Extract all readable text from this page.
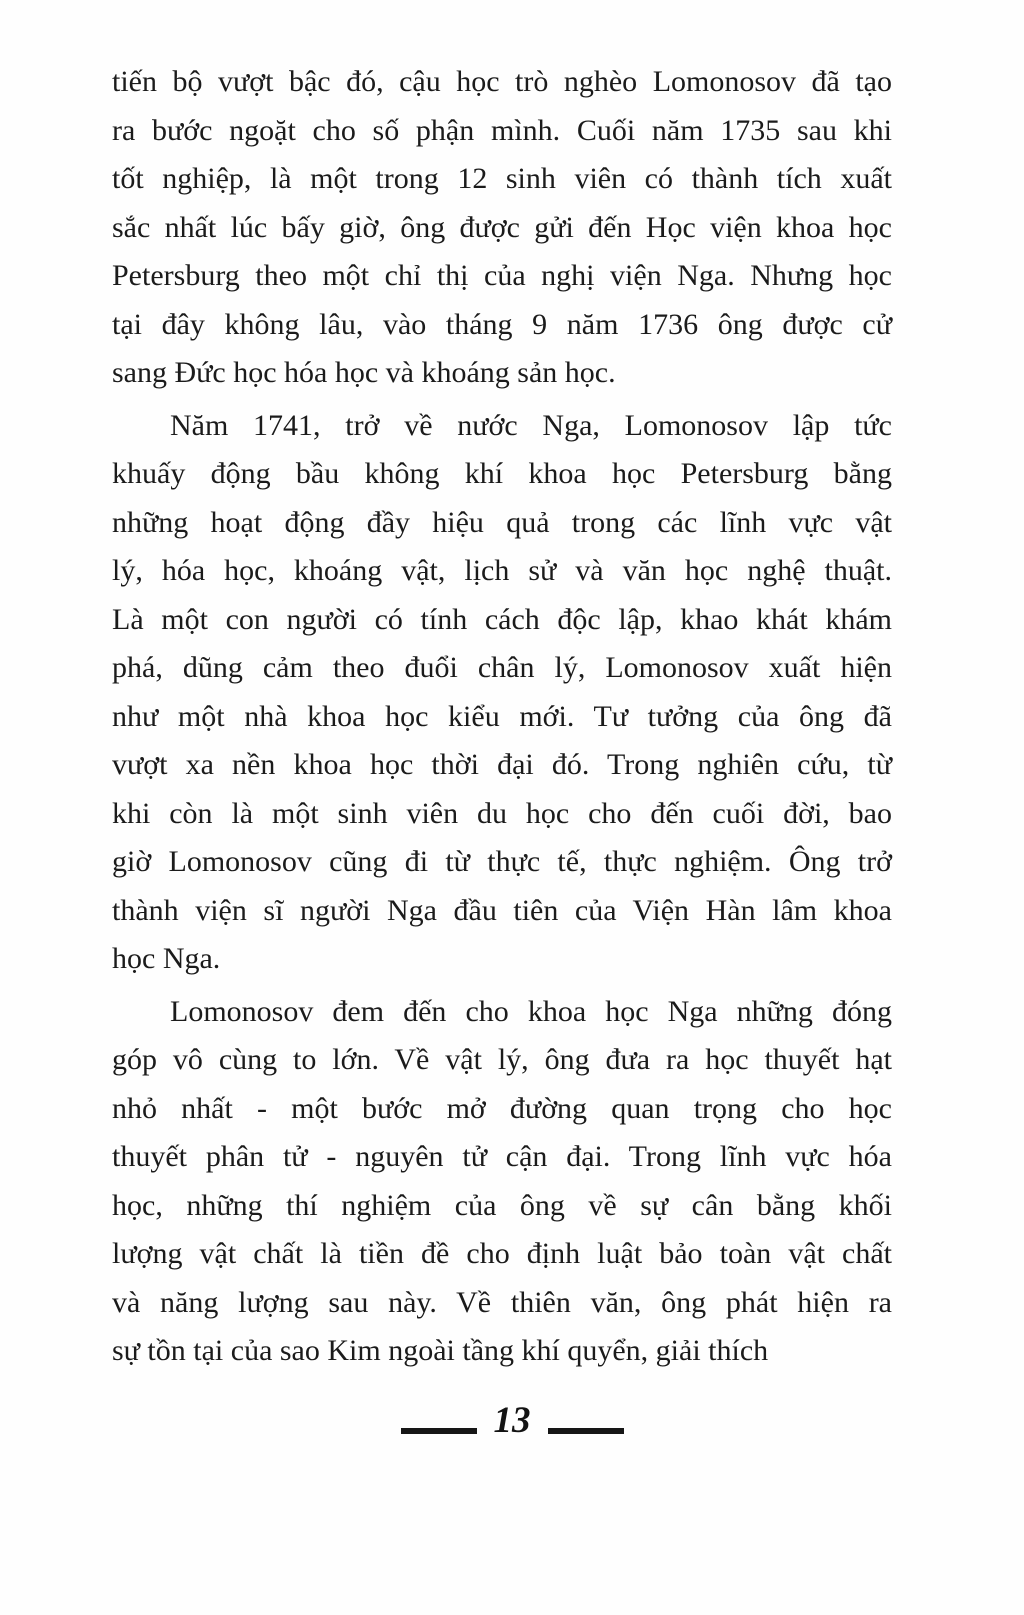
tiến bộ vượt bậc đó, cậu học trò nghèo Lomonosov đã tạo
ra bước ngoặt cho số phận mình. Cuối năm 1735 sau khi
tốt nghiệp, là một trong 12 sinh viên có thành tích xuất
sắc nhất lúc bấy giờ, ông được gửi đến Học viện khoa học
Petersburg theo một chỉ thị của nghị viện Nga. Nhưng học
tại đây không lâu, vào tháng 9 năm 1736 ông được cử
sang Đức học hóa học và khoáng sản học.

Năm 1741, trở về nước Nga, Lomonosov lập tức
khuấy động bầu không khí khoa học Petersburg bằng
những hoạt động đầy hiệu quả trong các lĩnh vực vật
lý, hóa học, khoáng vật, lịch sử và văn học nghệ thuật.
Là một con người có tính cách độc lập, khao khát khám
phá, dũng cảm theo đuổi chân lý, Lomonosov xuất hiện
như một nhà khoa học kiểu mới. Tư tưởng của ông đã
vượt xa nền khoa học thời đại đó. Trong nghiên cứu, từ
khi còn là một sinh viên du học cho đến cuối đời, bao
giờ Lomonosov cũng đi từ thực tế, thực nghiệm. Ông trở
thành viện sĩ người Nga đầu tiên của Viện Hàn lâm khoa
học Nga.

Lomonosov đem đến cho khoa học Nga những đóng
góp vô cùng to lớn. Về vật lý, ông đưa ra học thuyết hạt
nhỏ nhất - một bước mở đường quan trọng cho học
thuyết phân tử - nguyên tử cận đại. Trong lĩnh vực hóa
học, những thí nghiệm của ông về sự cân bằng khối
lượng vật chất là tiền đề cho định luật bảo toàn vật chất
và năng lượng sau này. Về thiên văn, ông phát hiện ra
sự tồn tại của sao Kim ngoài tầng khí quyển, giải thích

13
